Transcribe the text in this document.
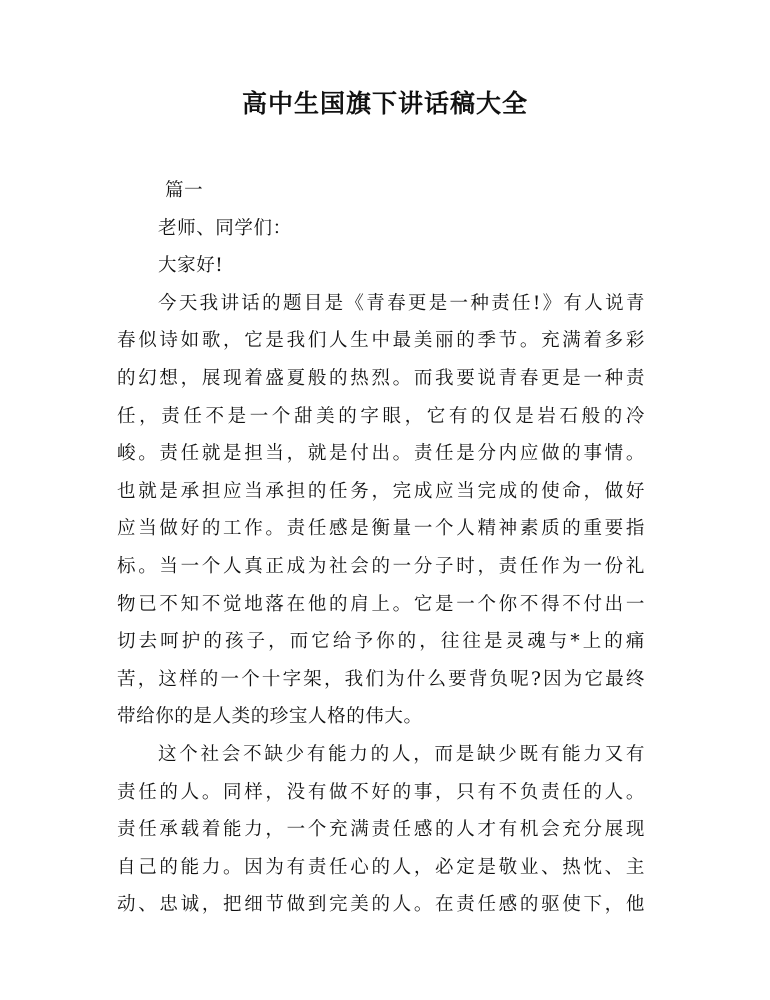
高中生国旗下讲话稿大全
篇一
老师、同学们：
大家好!
今天我讲话的题目是《青春更是一种责任!》有人说青
春似诗如歌，它是我们人生中最美丽的季节。充满着多彩
的幻想，展现着盛夏般的热烈。而我要说青春更是一种责
任，责任不是一个甜美的字眼，它有的仅是岩石般的冷
峻。责任就是担当，就是付出。责任是分内应做的事情。
也就是承担应当承担的任务，完成应当完成的使命，做好
应当做好的工作。责任感是衡量一个人精神素质的重要指
标。当一个人真正成为社会的一分子时，责任作为一份礼
物已不知不觉地落在他的肩上。它是一个你不得不付出一
切去呵护的孩子，而它给予你的，往往是灵魂与*上的痛
苦，这样的一个十字架，我们为什么要背负呢?因为它最终
带给你的是人类的珍宝人格的伟大。
这个社会不缺少有能力的人，而是缺少既有能力又有
责任的人。同样，没有做不好的事，只有不负责任的人。
责任承载着能力，一个充满责任感的人才有机会充分展现
自己的能力。因为有责任心的人，必定是敬业、热忱、主
动、忠诚，把细节做到完美的人。在责任感的驱使下，他
